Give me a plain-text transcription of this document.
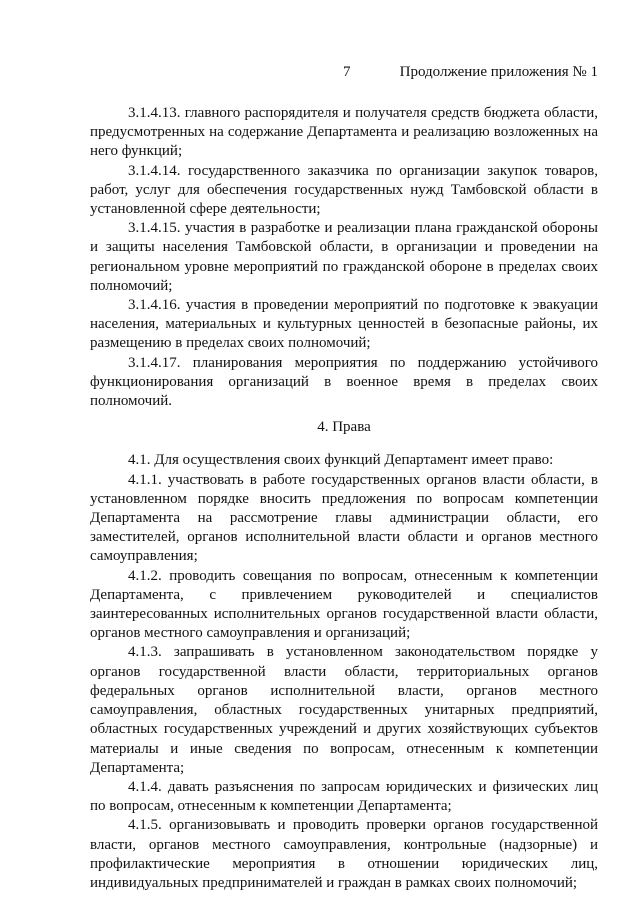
7	Продолжение приложения № 1

3.1.4.13. главного распорядителя и получателя средств бюджета области, предусмотренных на содержание Департамента и реализацию возложенных на него функций;

3.1.4.14. государственного заказчика по организации закупок товаров, работ, услуг для обеспечения государственных нужд Тамбовской области в установленной сфере деятельности;

3.1.4.15. участия в разработке и реализации плана гражданской обороны и защиты населения Тамбовской области, в организации и проведении на региональном уровне мероприятий по гражданской обороне в пределах своих полномочий;

3.1.4.16. участия в проведении мероприятий по подготовке к эвакуации населения, материальных и культурных ценностей в безопасные районы, их размещению в пределах своих полномочий;

3.1.4.17. планирования мероприятия по поддержанию устойчивого функционирования организаций в военное время в пределах своих полномочий.

4. Права

4.1. Для осуществления своих функций Департамент имеет право:

4.1.1. участвовать в работе государственных органов власти области, в установленном порядке вносить предложения по вопросам компетенции Департамента на рассмотрение главы администрации области, его заместителей, органов исполнительной власти области и органов местного самоуправления;

4.1.2. проводить совещания по вопросам, отнесенным к компетенции Департамента, с привлечением руководителей и специалистов заинтересованных исполнительных органов государственной власти области, органов местного самоуправления и организаций;

4.1.3. запрашивать в установленном законодательством порядке у органов государственной власти области, территориальных органов федеральных органов исполнительной власти, органов местного самоуправления, областных государственных унитарных предприятий, областных государственных учреждений и других хозяйствующих субъектов материалы и иные сведения по вопросам, отнесенным к компетенции Департамента;

4.1.4. давать разъяснения по запросам юридических и физических лиц по вопросам, отнесенным к компетенции Департамента;

4.1.5. организовывать и проводить проверки органов государственной власти, органов местного самоуправления, контрольные (надзорные) и профилактические мероприятия в отношении юридических лиц, индивидуальных предпринимателей и граждан в рамках своих полномочий;
